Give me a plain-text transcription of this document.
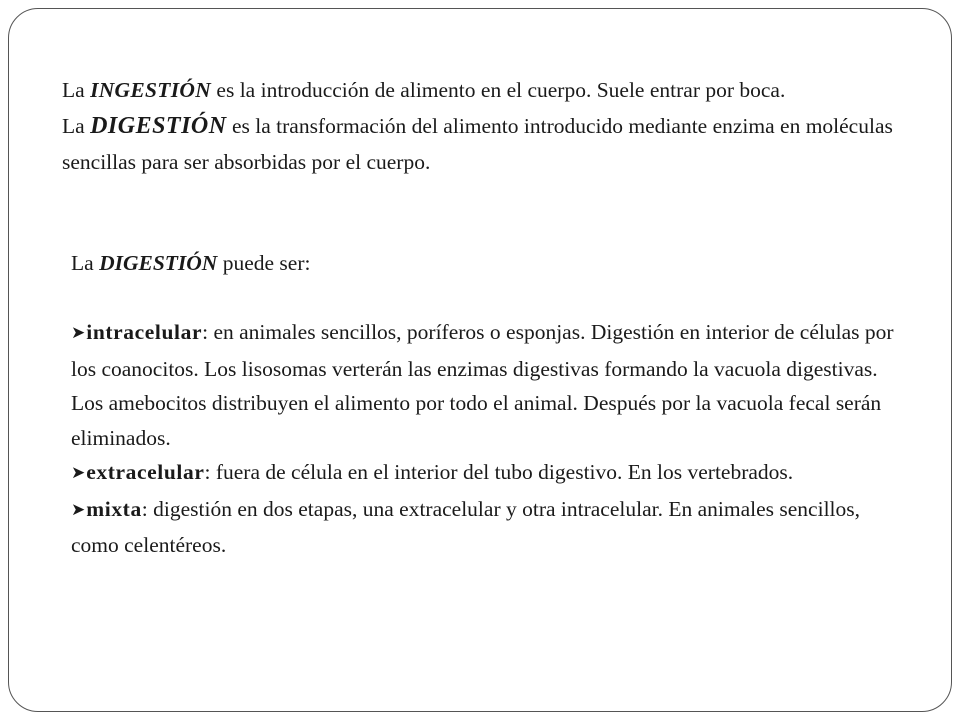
La INGESTIÓN es la introducción de alimento en el cuerpo. Suele entrar por boca.

La DIGESTIÓN es la transformación del alimento introducido mediante enzima en moléculas sencillas para ser absorbidas por el cuerpo.

La DIGESTIÓN puede ser:

➤intracelular: en animales sencillos, poríferos o esponjas. Digestión en interior de células por los coanocitos. Los lisosomas verterán las enzimas digestivas formando la vacuola digestivas. Los amebocitos distribuyen el alimento por todo el animal. Después por la vacuola fecal serán eliminados.

➤extracelular: fuera de célula en el interior del tubo digestivo. En los vertebrados.

➤mixta: digestión en dos etapas, una extracelular y otra intracelular. En animales sencillos, como celentéreos.
